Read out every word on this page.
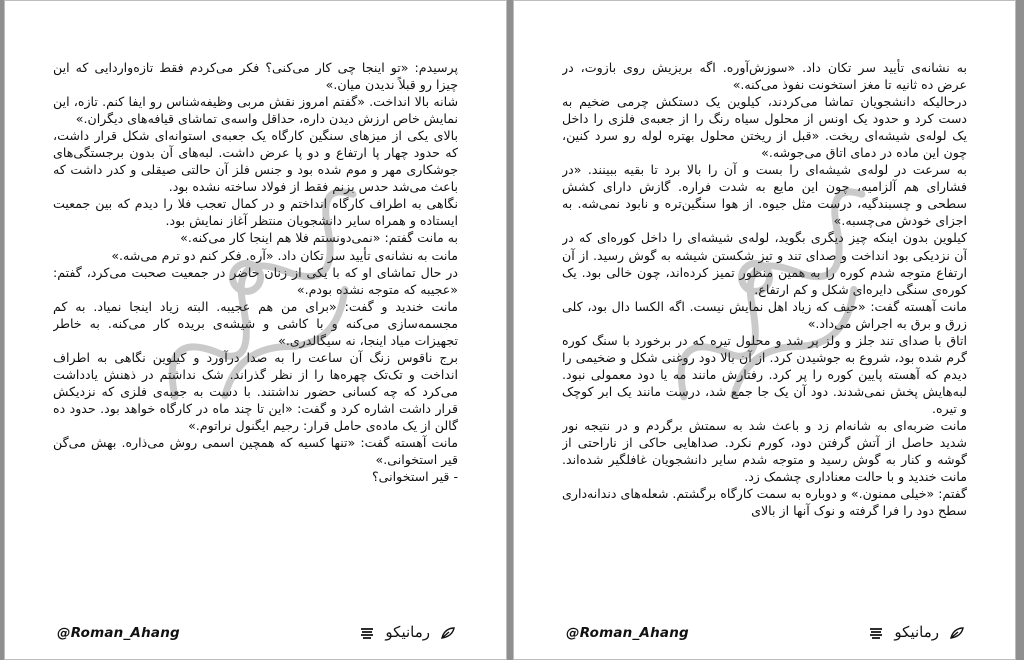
پرسیدم: «تو اینجا چی کار می‌کنی؟ فکر می‌کردم فقط تازه‌واردایی که این چیزا رو قبلاً ندیدن میان.»
شانه بالا انداخت. «گفتم امروز نقش مربی وظیفه‌شناس رو ایفا کنم. تازه، این نمایش خاص ارزش دیدن داره، حداقل واسه‌ی تماشای قیافه‌های دیگران.»
بالای یکی از میزهای سنگین کارگاه یک جعبه‌ی استوانه‌ای شکل قرار داشت، که حدود چهار پا ارتفاع و دو پا عرض داشت. لبه‌های آن بدون برجستگی‌های جوشکاری مهر و موم شده بود و جنس فلز آن حالتی صیقلی و کدر داشت که باعث می‌شد حدس بزنم فقط از فولاد ساخته نشده بود.
نگاهی به اطراف کارگاه انداختم و در کمال تعجب فلا را دیدم که بین جمعیت ایستاده و همراه سایر دانشجویان منتظر آغاز نمایش بود.
به مانت گفتم: «نمی‌دونستم فلا هم اینجا کار می‌کنه.»
مانت به نشانه‌ی تأیید سر تکان داد. «آره. فکر کنم دو ترم می‌شه.»
در حال تماشای او که با یکی از زنان حاضر در جمعیت صحبت می‌کرد، گفتم: «عجیبه که متوجه نشده بودم.»
مانت خندید و گفت: «برای من هم عجیبه. البته زیاد اینجا نمیاد. به کم مجسمه‌سازی می‌کنه و با کاشی و شیشه‌ی بریده کار می‌کنه. به خاطر تجهیزات میاد اینجا، نه سیگالدری.»
برج ناقوس زنگ آن ساعت را به صدا درآورد و کیلوین نگاهی به اطراف انداخت و تک‌تک چهره‌ها را از نظر گذراند. شک نداشتم در ذهنش یادداشت می‌کرد که چه کسانی حضور نداشتند. با دست به جعبه‌ی فلزی که نزدیکش قرار داشت اشاره کرد و گفت: «این تا چند ماه در کارگاه خواهد بود. حدود ده گالن از یک ماده‌ی حامل قرار: رجیم ایگنول نراتوم.»
مانت آهسته گفت: «تنها کسیه که همچین اسمی روش می‌ذاره. بهش می‌گن قیر استخوانی.»
- قیر استخوانی؟
@Roman_Ahang	رمانیکو
به نشانه‌ی تأیید سر تکان داد. «سوزش‌آوره. اگه بریزیش روی بازوت، در عرض ده ثانیه تا مغز استخونت نفوذ می‌کنه.»
درحالیکه دانشجویان تماشا می‌کردند، کیلوین یک دستکش چرمی ضخیم به دست کرد و حدود یک اونس از محلول سیاه رنگ را از جعبه‌ی فلزی را داخل یک لوله‌ی شیشه‌ای ریخت. «قبل از ریختن محلول بهتره لوله رو سرد کنین، چون این ماده در دمای اتاق می‌جوشه.»
به سرعت در لوله‌ی شیشه‌ای را بست و آن را بالا برد تا بقیه ببینند. «در فشارای هم آلزامیه، چون این مایع به شدت فراره. گازش دارای کشش سطحی و چسبندگیه، درست مثل جیوه. از هوا سنگین‌تره و نابود نمی‌شه. به اجزای خودش می‌چسبه.»
کیلوین بدون اینکه چیز دیگری بگوید، لوله‌ی شیشه‌ای را داخل کوره‌ای که در آن نزدیکی بود انداخت و صدای تند و تیز شکستن شیشه به گوش رسید. از آن ارتفاع متوجه شدم کوره را به همین منظور تمیز کرده‌اند، چون خالی بود. یک کوره‌ی سنگی دایره‌ای شکل و کم ارتفاع.
مانت آهسته گفت: «حیف که زیاد اهل نمایش نیست. اگه الکسا دال بود، کلی زرق و برق به اجراش می‌داد.»
اتاق با صدای تند جلز و ولز پر شد و محلول تیره که در برخورد با سنگ کوره گرم شده بود، شروع به جوشیدن کرد. از آن بالا دود روغنی شکل و ضخیمی را دیدم که آهسته پایین کوره را پر کرد. رفتارش مانند مه یا دود معمولی نبود. لبه‌هایش پخش نمی‌شدند. دود آن یک جا جمع شد، درست مانند یک ابر کوچک و تیره.
مانت ضربه‌ای به شانه‌ام زد و باعث شد به سمتش برگردم و در نتیجه نور شدید حاصل از آتش گرفتن دود، کورم نکرد. صداهایی حاکی از ناراحتی از گوشه و کنار به گوش رسید و متوجه شدم سایر دانشجویان غافلگیر شده‌اند. مانت خندید و با حالت معناداری چشمک زد.
گفتم: «خیلی ممنون.» و دوباره به سمت کارگاه برگشتم. شعله‌های دندانه‌داری سطح دود را فرا گرفته و نوک آنها از بالای
@Roman_Ahang	رمانیکو
